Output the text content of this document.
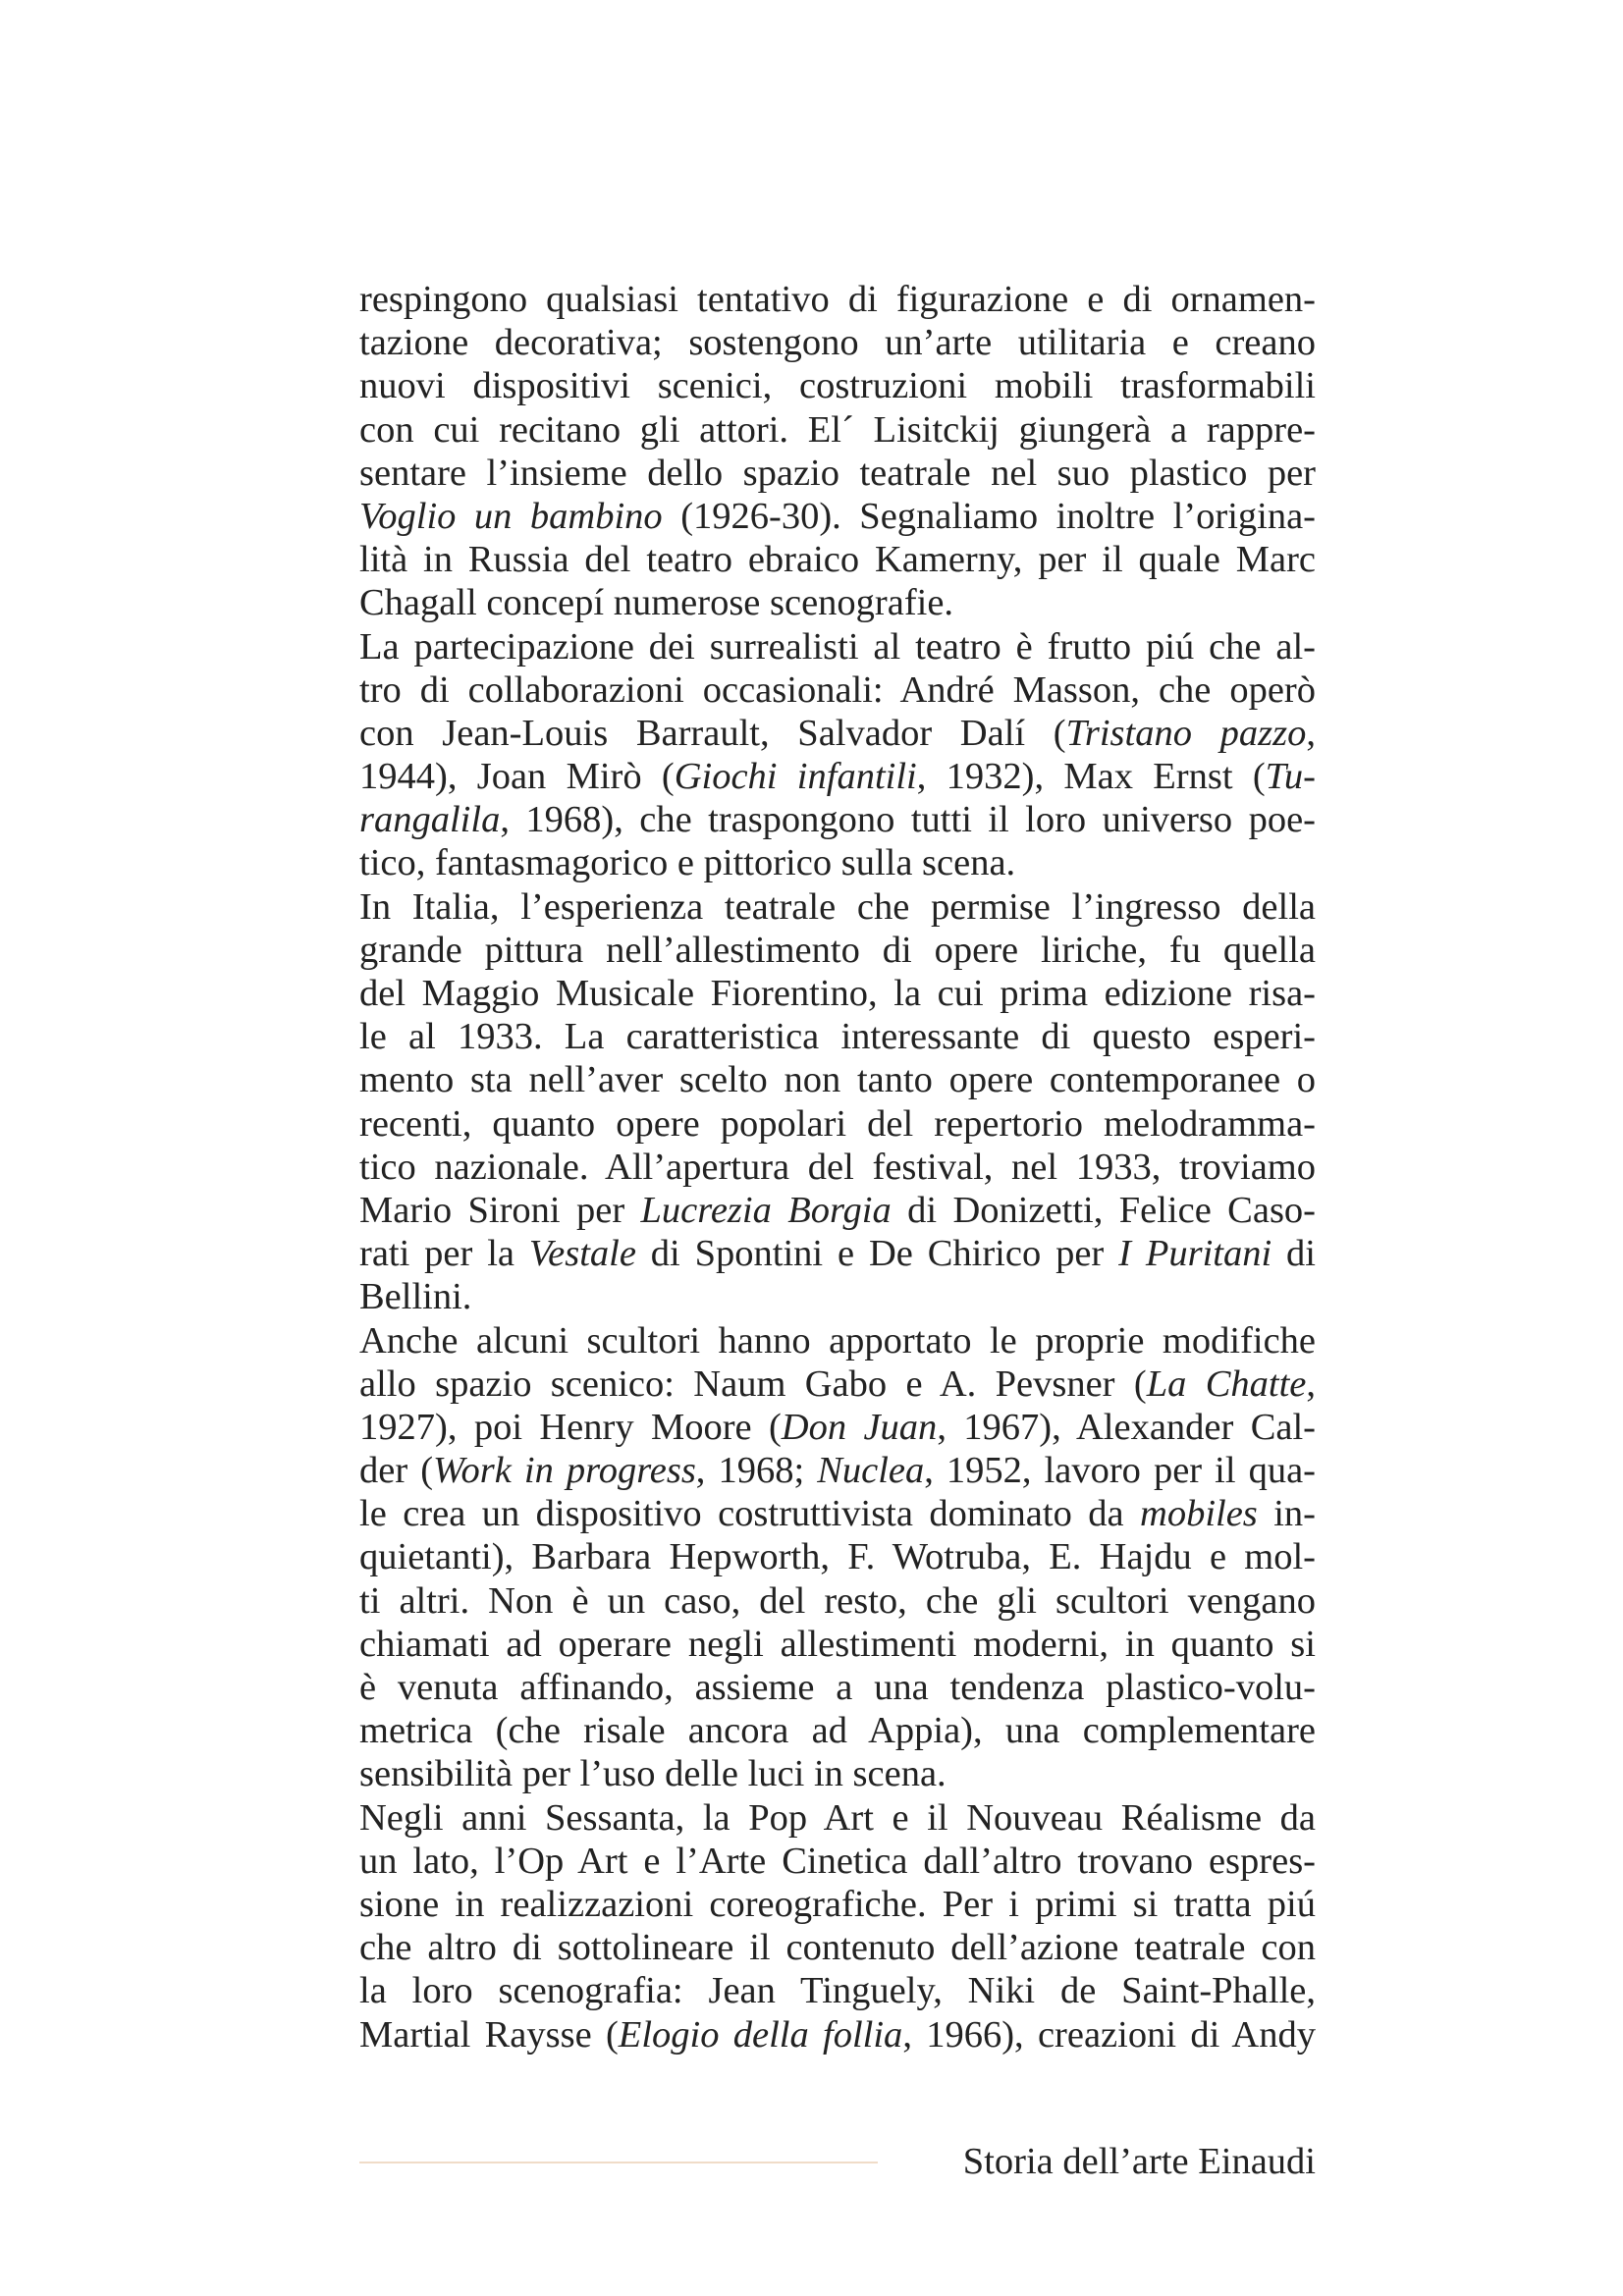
respingono qualsiasi tentativo di figurazione e di ornamen-
tazione decorativa; sostengono un’arte utilitaria e creano
nuovi dispositivi scenici, costruzioni mobili trasformabili
con cui recitano gli attori. El´ Lisitckij giungerà a rappre-
sentare l’insieme dello spazio teatrale nel suo plastico per
Voglio un bambino (1926-30). Segnaliamo inoltre l’origina-
lità in Russia del teatro ebraico Kamerny, per il quale Marc
Chagall concepí numerose scenografie.
La partecipazione dei surrealisti al teatro è frutto piú che al-
tro di collaborazioni occasionali: André Masson, che operò
con Jean-Louis Barrault, Salvador Dalí (Tristano pazzo,
1944), Joan Mirò (Giochi infantili, 1932), Max Ernst (Tu-
rangalila, 1968), che traspongono tutti il loro universo poe-
tico, fantasmagorico e pittorico sulla scena.
In Italia, l’esperienza teatrale che permise l’ingresso della
grande pittura nell’allestimento di opere liriche, fu quella
del Maggio Musicale Fiorentino, la cui prima edizione risa-
le al 1933. La caratteristica interessante di questo esperi-
mento sta nell’aver scelto non tanto opere contemporanee o
recenti, quanto opere popolari del repertorio melodramma-
tico nazionale. All’apertura del festival, nel 1933, troviamo
Mario Sironi per Lucrezia Borgia di Donizetti, Felice Caso-
rati per la Vestale di Spontini e De Chirico per I Puritani di
Bellini.
Anche alcuni scultori hanno apportato le proprie modifiche
allo spazio scenico: Naum Gabo e A. Pevsner (La Chatte,
1927), poi Henry Moore (Don Juan, 1967), Alexander Cal-
der (Work in progress, 1968; Nuclea, 1952, lavoro per il qua-
le crea un dispositivo costruttivista dominato da mobiles in-
quietanti), Barbara Hepworth, F. Wotruba, E. Hajdu e mol-
ti altri. Non è un caso, del resto, che gli scultori vengano
chiamati ad operare negli allestimenti moderni, in quanto si
è venuta affinando, assieme a una tendenza plastico-volu-
metrica (che risale ancora ad Appia), una complementare
sensibilità per l’uso delle luci in scena.
Negli anni Sessanta, la Pop Art e il Nouveau Réalisme da
un lato, l’Op Art e l’Arte Cinetica dall’altro trovano espres-
sione in realizzazioni coreografiche. Per i primi si tratta piú
che altro di sottolineare il contenuto dell’azione teatrale con
la loro scenografia: Jean Tinguely, Niki de Saint-Phalle,
Martial Raysse (Elogio della follia, 1966), creazioni di Andy
Storia dell’arte Einaudi
